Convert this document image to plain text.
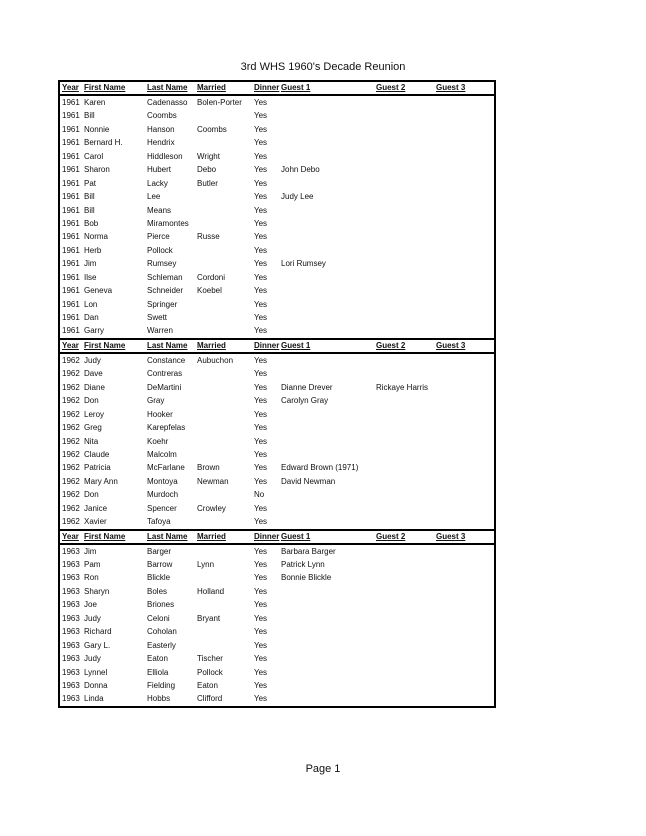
3rd WHS 1960's Decade Reunion
Year First Name	Last Name	Married	Dinner Guest 1	Guest 2	Guest 3
1961 Karen	Cadenasso	Bolen-Porter	Yes
1961 Bill	Coombs	Yes
1961 Nonnie	Hanson	Coombs	Yes
1961 Bernard H.	Hendrix	Yes
1961 Carol	Hiddleson	Wright	Yes
1961 Sharon	Hubert	Debo	Yes	John Debo
1961 Pat	Lacky	Butler	Yes
1961 Bill	Lee	Yes	Judy Lee
1961 Bill	Means	Yes
1961 Bob	Miramontes	Yes
1961 Norma	Pierce	Russe	Yes
1961 Herb	Pollock	Yes
1961 Jim	Rumsey	Yes	Lori Rumsey
1961 Ilse	Schleman	Cordoni	Yes
1961 Geneva	Schneider	Koebel	Yes
1961 Lon	Springer	Yes
1961 Dan	Swett	Yes
1961 Garry	Warren	Yes
Year First Name	Last Name	Married	Dinner Guest 1	Guest 2	Guest 3
1962 Judy	Constance	Aubuchon	Yes
1962 Dave	Contreras	Yes
1962 Diane	DeMartini	Yes	Dianne Drever	Rickaye Harris
1962 Don	Gray	Yes	Carolyn Gray
1962 Leroy	Hooker	Yes
1962 Greg	Karepfelas	Yes
1962 Nita	Koehr	Yes
1962 Claude	Malcolm	Yes
1962 Patricia	McFarlane	Brown	Yes	Edward Brown (1971)
1962 Mary Ann	Montoya	Newman	Yes	David Newman
1962 Don	Murdoch	No
1962 Janice	Spencer	Crowley	Yes
1962 Xavier	Tafoya	Yes
Year First Name	Last Name	Married	Dinner Guest 1	Guest 2	Guest 3
1963 Jim	Barger	Yes	Barbara Barger
1963 Pam	Barrow	Lynn	Yes	Patrick Lynn
1963 Ron	Blickle	Yes	Bonnie Blickle
1963 Sharyn	Boles	Holland	Yes
1963 Joe	Briones	Yes
1963 Judy	Celoni	Bryant	Yes
1963 Richard	Coholan	Yes
1963 Gary L.	Easterly	Yes
1963 Judy	Eaton	Tischer	Yes
1963 Lynnel	Elliola	Pollock	Yes
1963 Donna	Fielding	Eaton	Yes
1963 Linda	Hobbs	Clifford	Yes
Page 1
